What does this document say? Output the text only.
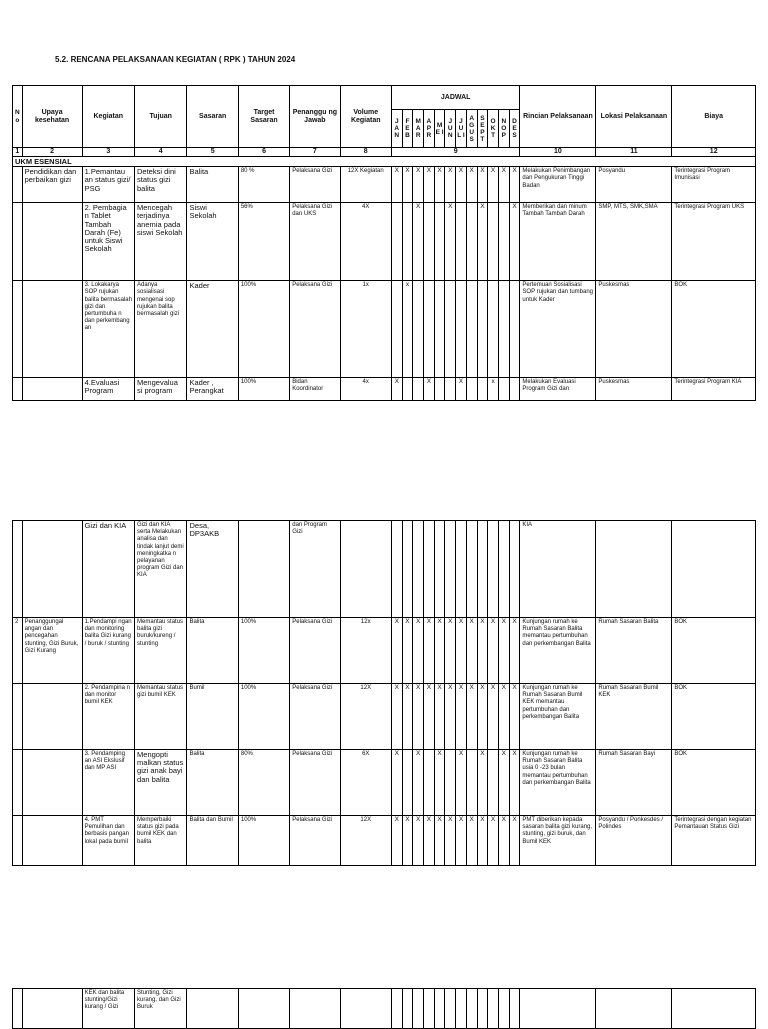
5.2. RENCANA PELAKSANAAN KEGIATAN ( RPK ) TAHUN 2024
N o	Upaya kesehatan	Kegiatan	Tujuan	Sasaran	Target Sasaran	Penanggu ng Jawab	Volume Kegiatan	JADWAL												Rincian Pelaksanaan	Lokasi Pelaksanaan	Biaya
								J A N	F E B	M A R	A P R	M E I	J U N	J U L I	A G U S	S E P T	O K T	N O P	D E S			
1	2	3	4	5	6	7	8	9												10	11	12
UKM ESENSIAL																						
	Pendidikan dan perbaikan gizi	1.Pemantau an status gizi/ PSG	Deteksi dini status gizi balita	Balita	80 %	Pelaksana Gizi	12X Kegiatan	X	X	X	X	X	X	X	X	X	X	X	X	Melakukan Penimbangan dan Pengukuran Tinggi Badan	Posyandu	Terintegrasi Program Imunisasi
		2. Pembagia n Tablet Tambah Darah (Fe) untuk Siswi Sekolah	Mencegah terjadinya anemia pada siswi Sekolah	Siswi Sekolah	56%	Pelaksana Gizi dan UKS	4X			X			X			X			X	Memberikan dan minum Tambah Tambah Darah	SMP, MTS, SMK,SMA	Terintegrasi Program UKS
		3. Lokakarya SOP rujukan balita bermasalah gizi dan pertumbuha n dan perkembang an	Adanya sosialisasi mengenai sop rujukan balita bermasalah gizi	Kader	100%	Pelaksana Gizi	1x		x											Pertemuan Sosialisasi SOP rujukan dan tumbang untuk Kader	Puskesmas	BOK
		4.Evaluasi Program	Mengevalua si program	Kader , Perangkat	100%	Bidan Koordinator	4x	X			X			X			x			Melakukan Evaluasi Program Gizi dan	Puskesmas	Terintegrasi Program KIA
		Gizi dan KIA	Gizi dan KIA serta Melakukan analisa dan tindak lanjut demi meningkatka n pelayanan program Gizi dan KIA	Desa, DP3AKB		dan Program Gizi														KIA		
2	Penanggungal angan dan pencegahan stunting, Gizi Buruk, Gizi Kurang	1.Pendampi ngan dan monitoring balita Gizi kurang / buruk / stunting	Memantau status balita gizi buruk/kureng / stunting	Balita	100%	Pelaksana Gizi	12x	X	X	X	X	X	X	X	X	X	X	X	X	Kunjungan rumah ke Rumah Sasaran Balita memantau pertumbuhan dan perkembangan Balita	Rumah Sasaran Balita	BOK
		2. Pendampina n dan monitor bumil KEK	Memantau status gizi bumil KEK	Bumil	100%	Pelaksana Gizi	12X	X	X	X	X	X	X	X	X	X	X	X	X	Kunjungan rumah ke Rumah Sasaran Bumil KEK memantau pertumbuhan dan perkembangan Balita	Rumah Sasaran Bumil KEK	BOK
		3. Pendamping an ASI Ekslusif dan MP ASI	Mengopti malkan status gizi anak bayi dan balita	Balita	80%	Pelaksana Gizi	6X	X		X		X		X		X		X	X	Kunjungan rumah ke Rumah Sasaran Balita usia 0 -23 bulan memantau pertumbuhan dan perkembangan Balita	Rumah Sasaran Bayi	BOK
		4. PMT Pemulihan dan berbasis pangan lokal pada bumil	Memperbaiki status gizi pada bumil KEK dan balita	Balita dan Bumil	100%	Pelaksana Gizi	12X	X	X	X	X	X	X	X	X	X	X	X	X	PMT diberikan kepada sasaran balita gizi kurang, stunting, gizi buruk, dan Bumil KEK	Posyandu / Ponkesdes / Polindes	Terintegrasi dengan kegiatan Pemantauan Status Gizi
		KEK dan balita stunting/Gizi kurang / Gizi	Stunting, Gizi kurang, dan Gizi Buruk																			
